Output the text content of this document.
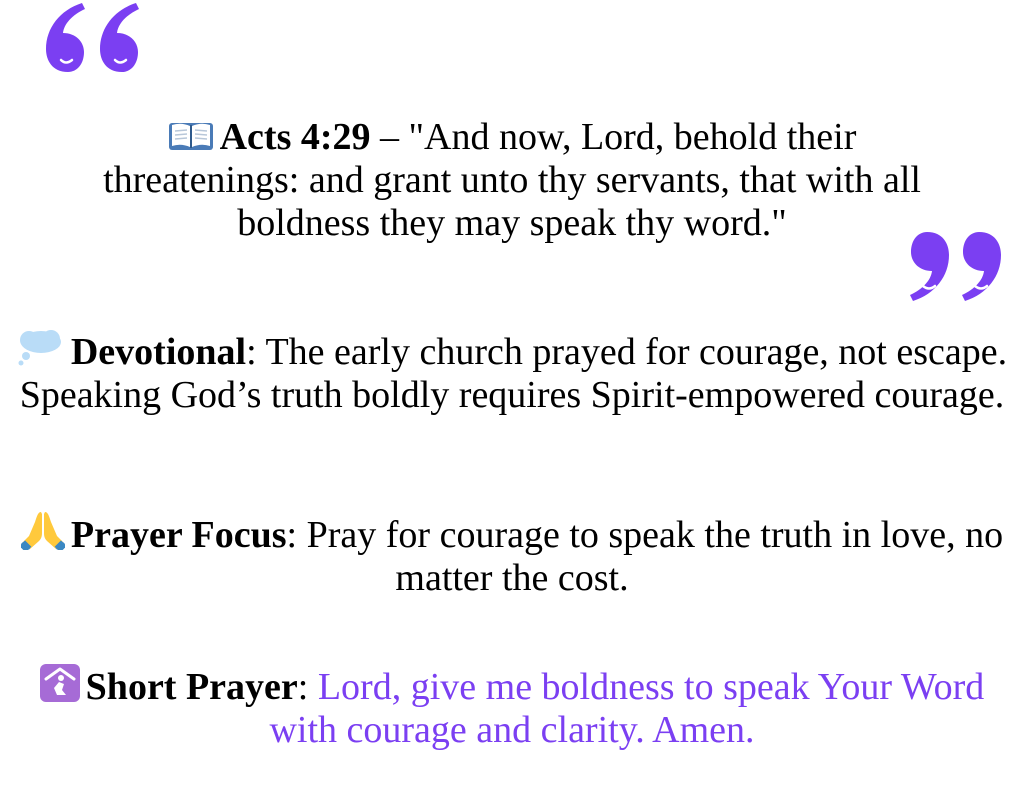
Acts 4:29 – "And now, Lord, behold their threatenings: and grant unto thy servants, that with all boldness they may speak thy word."
Devotional: The early church prayed for courage, not escape. Speaking God’s truth boldly requires Spirit-empowered courage.
Prayer Focus: Pray for courage to speak the truth in love, no matter the cost.
Short Prayer: Lord, give me boldness to speak Your Word with courage and clarity. Amen.
